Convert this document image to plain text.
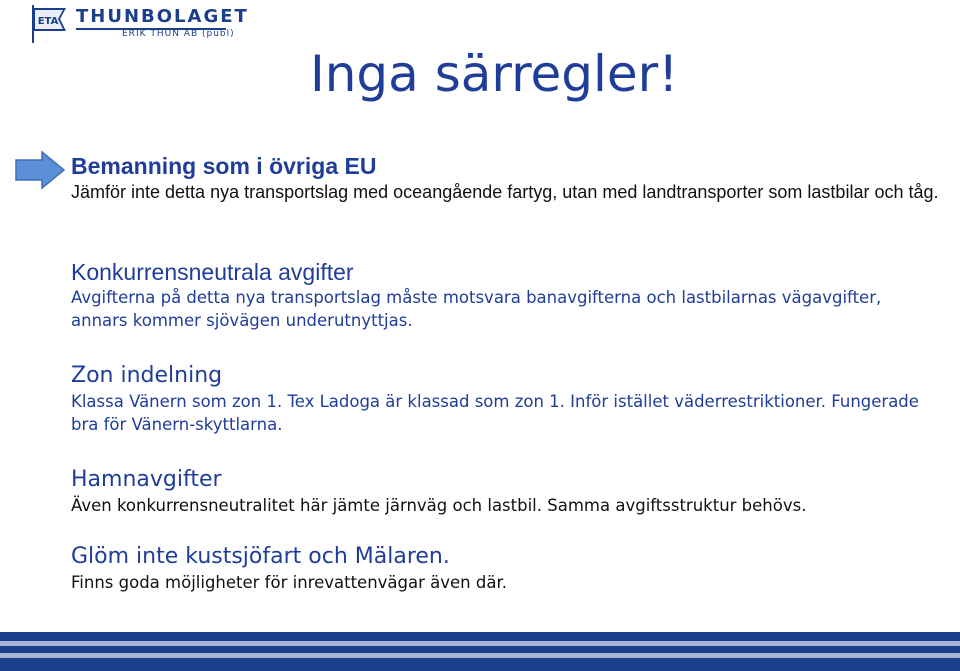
ETA THUNBOLAGET
ERIK THUN AB (publ)
Inga särregler!
Bemanning som i övriga EU
Jämför inte detta nya transportslag med oceangående fartyg, utan med landtransporter som lastbilar och tåg.
Konkurrensneutrala avgifter
Avgifterna på detta nya transportslag måste motsvara banavgifterna och lastbilarnas vägavgifter, annars kommer sjövägen underutnyttjas.
Zon indelning
Klassa Vänern som zon 1. Tex Ladoga är klassad som zon 1. Inför istället väderrestriktioner. Fungerade bra för Vänern-skyttlarna.
Hamnavgifter
Även konkurrensneutralitet här jämte järnväg och lastbil. Samma avgiftsstruktur behövs.
Glöm inte kustsjöfart och Mälaren.
Finns goda möjligheter för inrevattenvägar även där.
